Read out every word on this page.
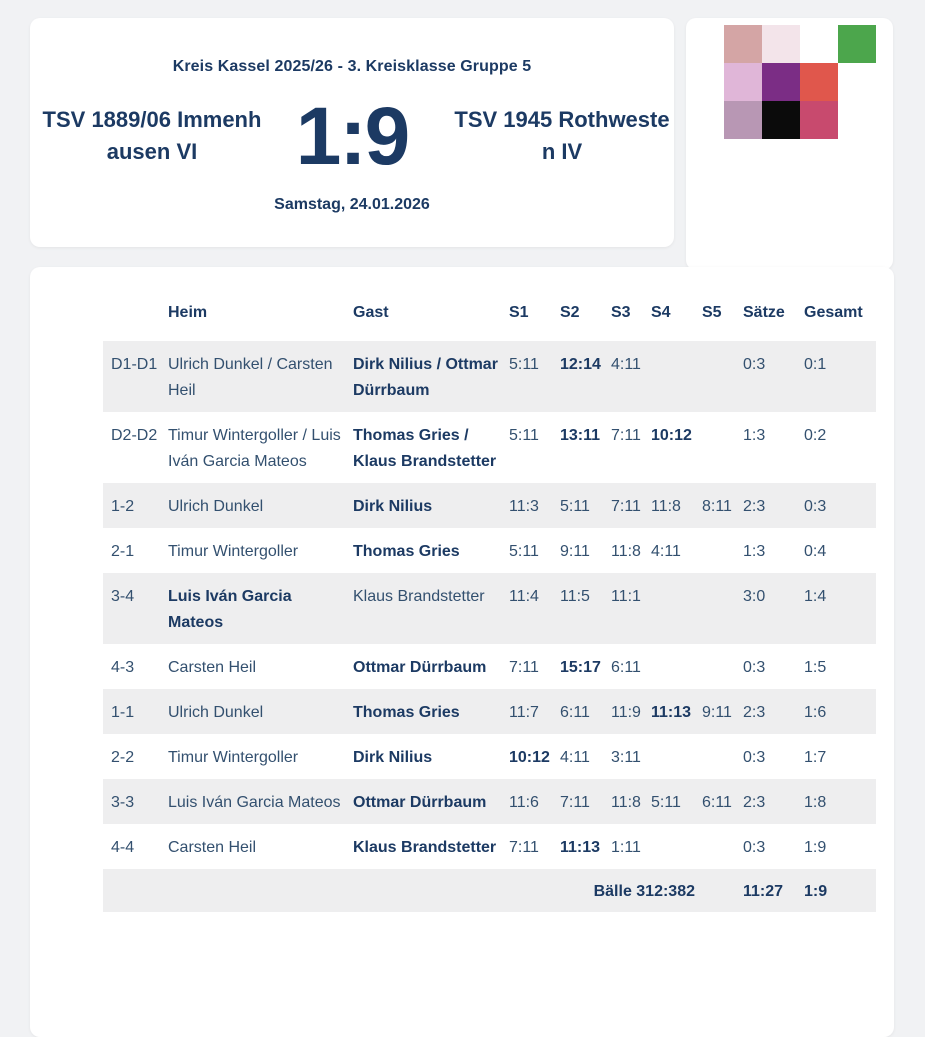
Kreis Kassel 2025/26 - 3. Kreisklasse Gruppe 5
TSV 1889/06 Immenhausen VI	1:9	TSV 1945 Rothwesten IV
Samstag, 24.01.2026
	Heim	Gast	S1	S2	S3	S4	S5	Sätze	Gesamt
D1-D1	Ulrich Dunkel / Carsten Heil	Dirk Nilius / Ottmar Dürrbaum	5:11	12:14	4:11			0:3	0:1
D2-D2	Timur Wintergoller / Luis Iván Garcia Mateos	Thomas Gries / Klaus Brandstetter	5:11	13:11	7:11	10:12		1:3	0:2
1-2	Ulrich Dunkel	Dirk Nilius	11:3	5:11	7:11	11:8	8:11	2:3	0:3
2-1	Timur Wintergoller	Thomas Gries	5:11	9:11	11:8	4:11		1:3	0:4
3-4	Luis Iván Garcia Mateos	Klaus Brandstetter	11:4	11:5	11:1			3:0	1:4
4-3	Carsten Heil	Ottmar Dürrbaum	7:11	15:17	6:11			0:3	1:5
1-1	Ulrich Dunkel	Thomas Gries	11:7	6:11	11:9	11:13	9:11	2:3	1:6
2-2	Timur Wintergoller	Dirk Nilius	10:12	4:11	3:11			0:3	1:7
3-3	Luis Iván Garcia Mateos	Ottmar Dürrbaum	11:6	7:11	11:8	5:11	6:11	2:3	1:8
4-4	Carsten Heil	Klaus Brandstetter	7:11	11:13	1:11			0:3	1:9
Bälle 312:382								11:27	1:9
